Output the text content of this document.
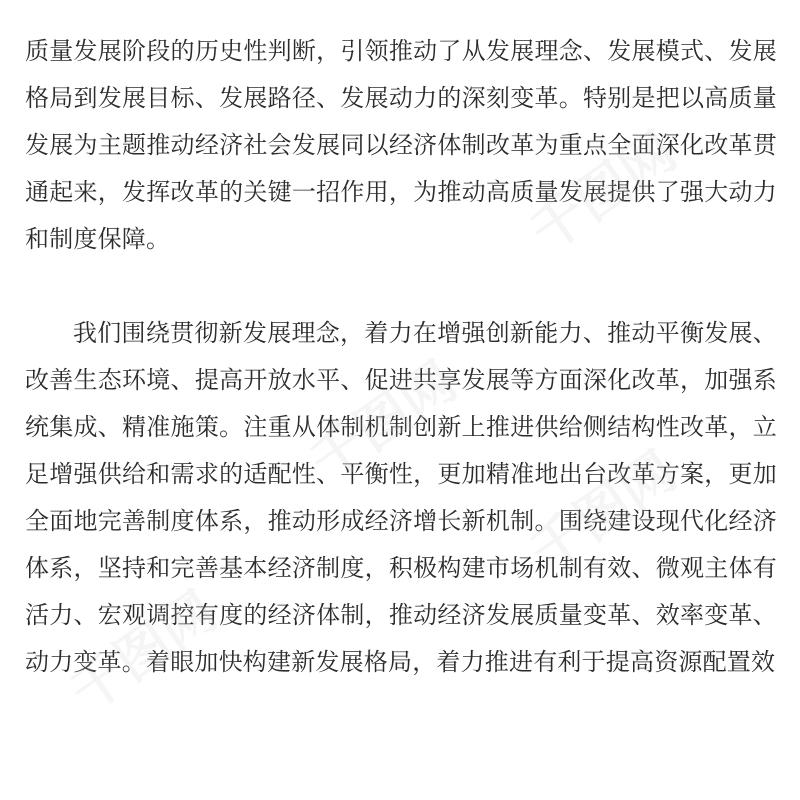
质量发展阶段的历史性判断，引领推动了从发展理念、发展模式、发展格局到发展目标、发展路径、发展动力的深刻变革。特别是把以高质量发展为主题推动经济社会发展同以经济体制改革为重点全面深化改革贯通起来，发挥改革的关键一招作用，为推动高质量发展提供了强大动力和制度保障。

我们围绕贯彻新发展理念，着力在增强创新能力、推动平衡发展、改善生态环境、提高开放水平、促进共享发展等方面深化改革，加强系统集成、精准施策。注重从体制机制创新上推进供给侧结构性改革，立足增强供给和需求的适配性、平衡性，更加精准地出台改革方案，更加全面地完善制度体系，推动形成经济增长新机制。围绕建设现代化经济体系，坚持和完善基本经济制度，积极构建市场机制有效、微观主体有活力、宏观调控有度的经济体制，推动经济发展质量变革、效率变革、动力变革。着眼加快构建新发展格局，着力推进有利于提高资源配置效

千图网
千图网
千图网
千图网
